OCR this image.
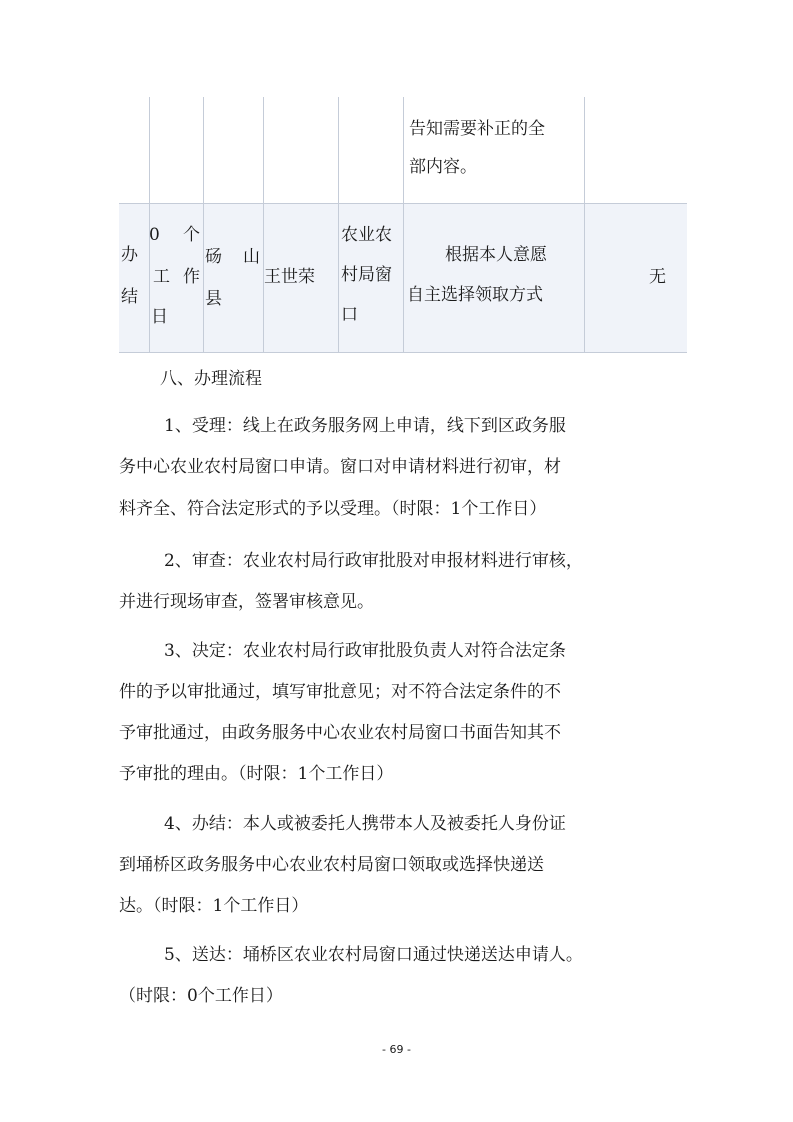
告知需要补正的全
部内容。
办
结
0 个
工 作
日
砀 山
县
王世荣
农业农
村局窗
口
根据本人意愿
自主选择领取方式
无
八、办理流程
1、受理：线上在政务服务网上申请，线下到区政务服
务中心农业农村局窗口申请。窗口对申请材料进行初审，材
料齐全、符合法定形式的予以受理。（时限：1个工作日）
2、审查：农业农村局行政审批股对申报材料进行审核，
并进行现场审查，签署审核意见。
3、决定：农业农村局行政审批股负责人对符合法定条
件的予以审批通过，填写审批意见；对不符合法定条件的不
予审批通过，由政务服务中心农业农村局窗口书面告知其不
予审批的理由。（时限：1个工作日）
4、办结：本人或被委托人携带本人及被委托人身份证
到埇桥区政务服务中心农业农村局窗口领取或选择快递送
达。（时限：1个工作日）
5、送达：埇桥区农业农村局窗口通过快递送达申请人。
（时限：0个工作日）
- 69 -
